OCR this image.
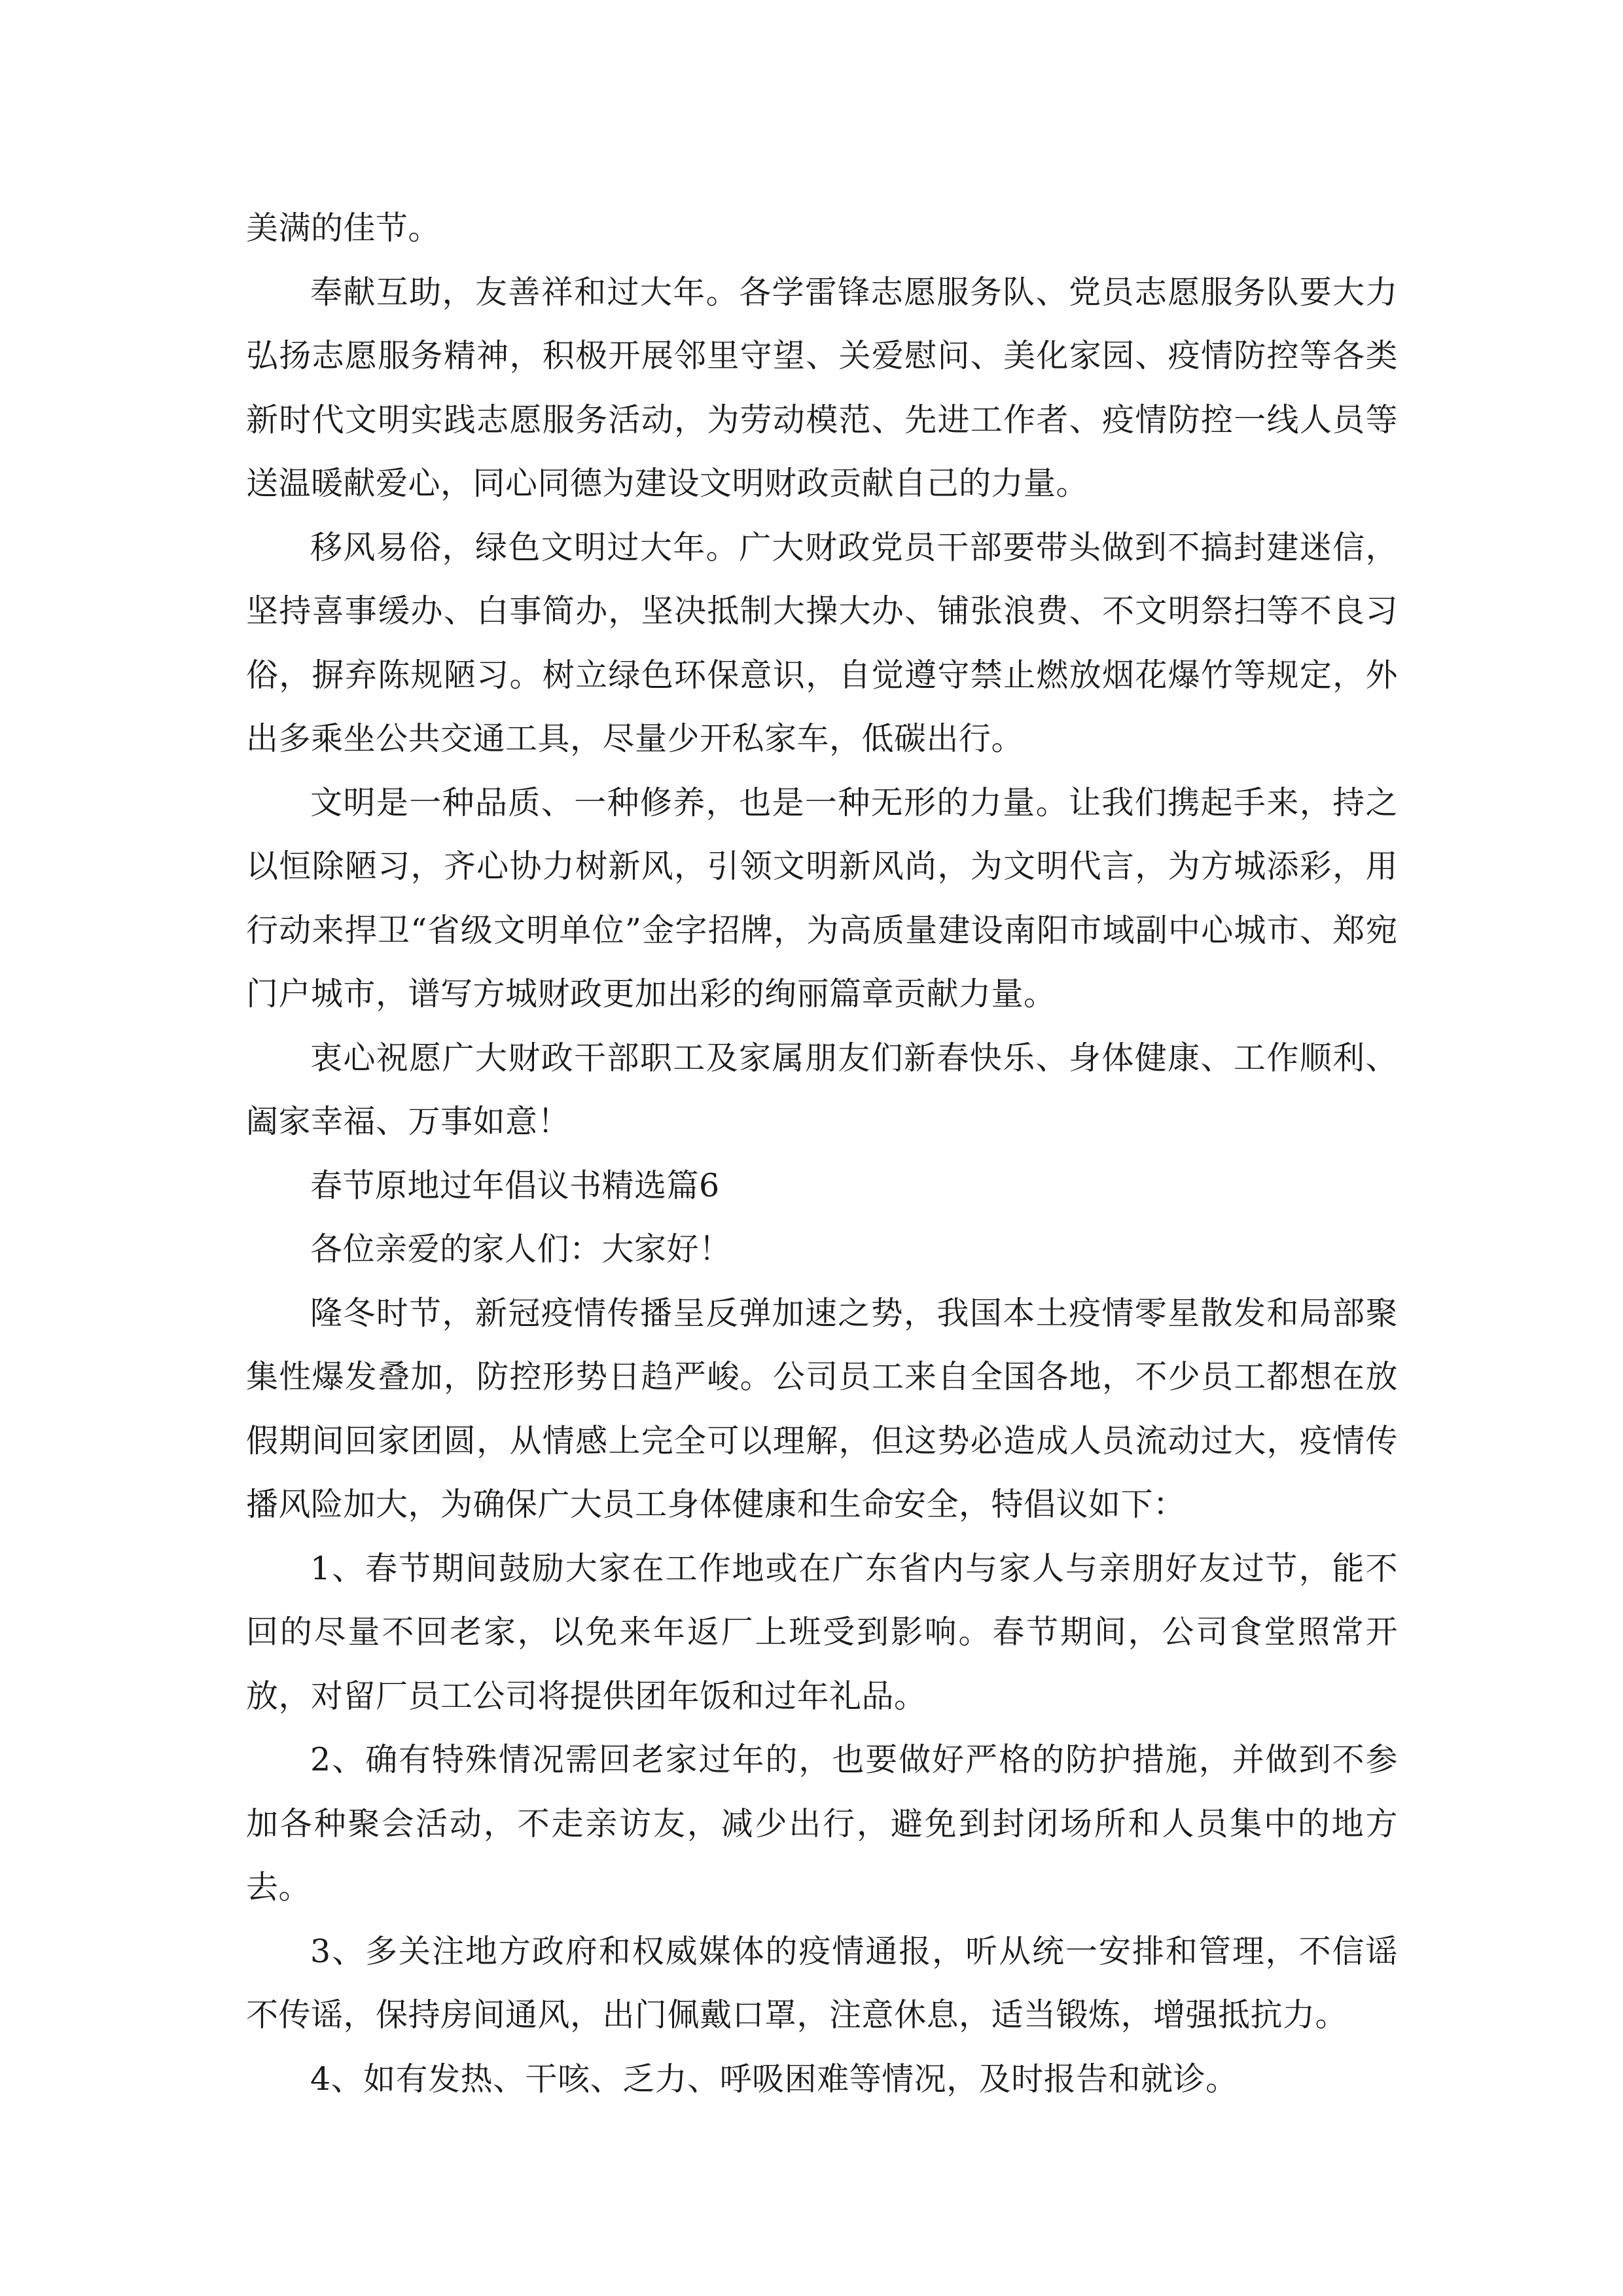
美满的佳节。

奉献互助，友善祥和过大年。各学雷锋志愿服务队、党员志愿服务队要大力弘扬志愿服务精神，积极开展邻里守望、关爱慰问、美化家园、疫情防控等各类新时代文明实践志愿服务活动，为劳动模范、先进工作者、疫情防控一线人员等送温暖献爱心，同心同德为建设文明财政贡献自己的力量。

移风易俗，绿色文明过大年。广大财政党员干部要带头做到不搞封建迷信，坚持喜事缓办、白事简办，坚决抵制大操大办、铺张浪费、不文明祭扫等不良习俗，摒弃陈规陋习。树立绿色环保意识，自觉遵守禁止燃放烟花爆竹等规定，外出多乘坐公共交通工具，尽量少开私家车，低碳出行。

文明是一种品质、一种修养，也是一种无形的力量。让我们携起手来，持之以恒除陋习，齐心协力树新风，引领文明新风尚，为文明代言，为方城添彩，用行动来捍卫“省级文明单位”金字招牌，为高质量建设南阳市域副中心城市、郑宛门户城市，谱写方城财政更加出彩的绚丽篇章贡献力量。

衷心祝愿广大财政干部职工及家属朋友们新春快乐、身体健康、工作顺利、阖家幸福、万事如意！

春节原地过年倡议书精选篇6

各位亲爱的家人们：大家好！

隆冬时节，新冠疫情传播呈反弹加速之势，我国本土疫情零星散发和局部聚集性爆发叠加，防控形势日趋严峻。公司员工来自全国各地，不少员工都想在放假期间回家团圆，从情感上完全可以理解，但这势必造成人员流动过大，疫情传播风险加大，为确保广大员工身体健康和生命安全，特倡议如下：

1、春节期间鼓励大家在工作地或在广东省内与家人与亲朋好友过节，能不回的尽量不回老家，以免来年返厂上班受到影响。春节期间，公司食堂照常开放，对留厂员工公司将提供团年饭和过年礼品。

2、确有特殊情况需回老家过年的，也要做好严格的防护措施，并做到不参加各种聚会活动，不走亲访友，减少出行，避免到封闭场所和人员集中的地方去。

3、多关注地方政府和权威媒体的疫情通报，听从统一安排和管理，不信谣不传谣，保持房间通风，出门佩戴口罩，注意休息，适当锻炼，增强抵抗力。

4、如有发热、干咳、乏力、呼吸困难等情况，及时报告和就诊。
